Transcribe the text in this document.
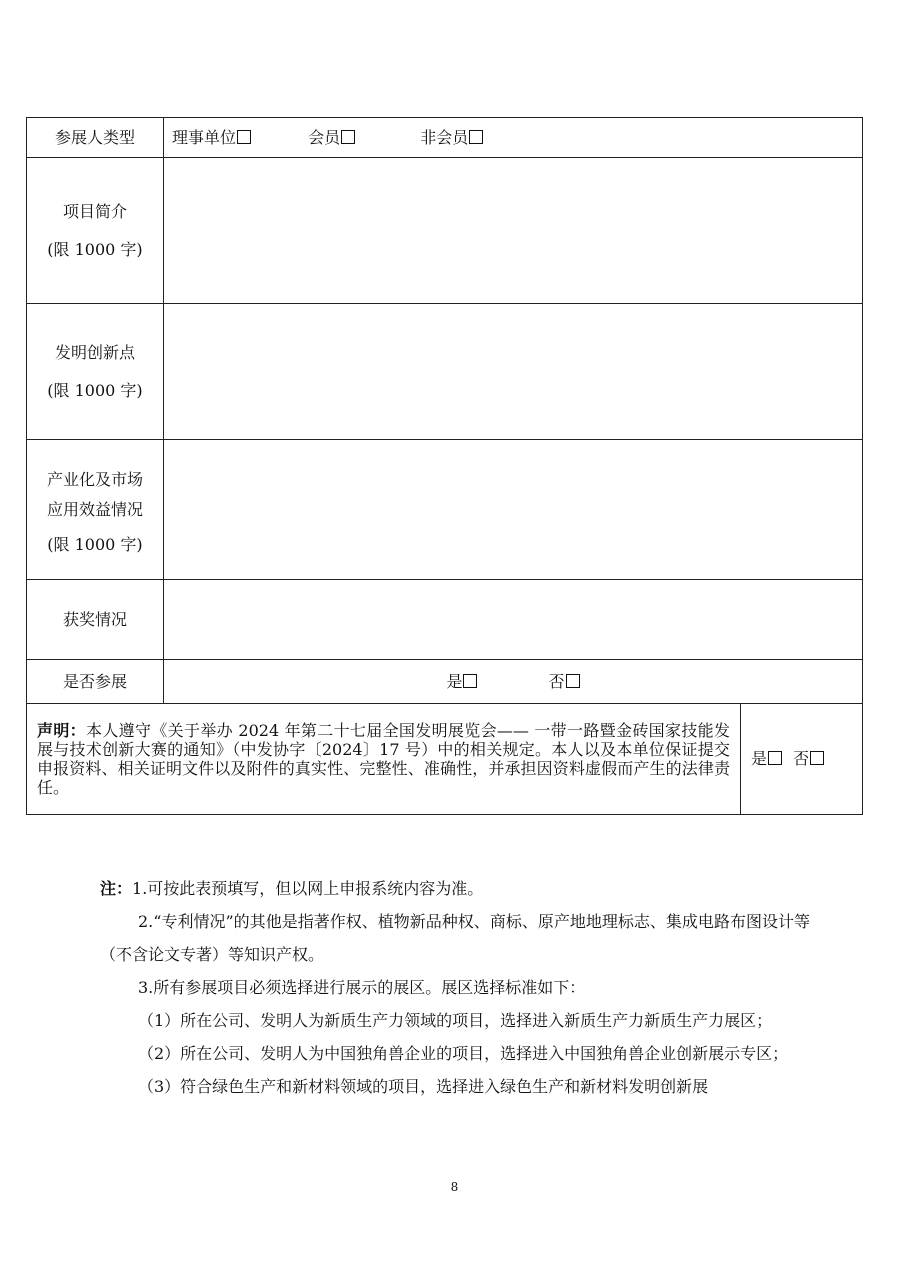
参展人类型	理事单位 会员 非会员	

项目简介
(限 1000 字)		

发明创新点
(限 1000 字)		

产业化及市场
应用效益情况
(限 1000 字)		

获奖情况		
是否参展	是 否	
声明：本人遵守《关于举办 2024 年第二十七届全国发明展览会—— 一带一路暨金砖国家技能发展与技术创新大赛的通知》（中发协字〔2024〕17 号）中的相关规定。本人以及本单位保证提交申报资料、相关证明文件以及附件的真实性、完整性、准确性，并承担因资料虚假而产生的法律责任。		是 否

注：1.可按此表预填写，但以网上申报系统内容为准。

2.“专利情况”的其他是指著作权、植物新品种权、商标、原产地地理标志、集成电路布图设计等（不含论文专著）等知识产权。

3.所有参展项目必须选择进行展示的展区。展区选择标准如下：

（1）所在公司、发明人为新质生产力领域的项目，选择进入新质生产力新质生产力展区；

（2）所在公司、发明人为中国独角兽企业的项目，选择进入中国独角兽企业创新展示专区；

（3）符合绿色生产和新材料领域的项目，选择进入绿色生产和新材料发明创新展

8
